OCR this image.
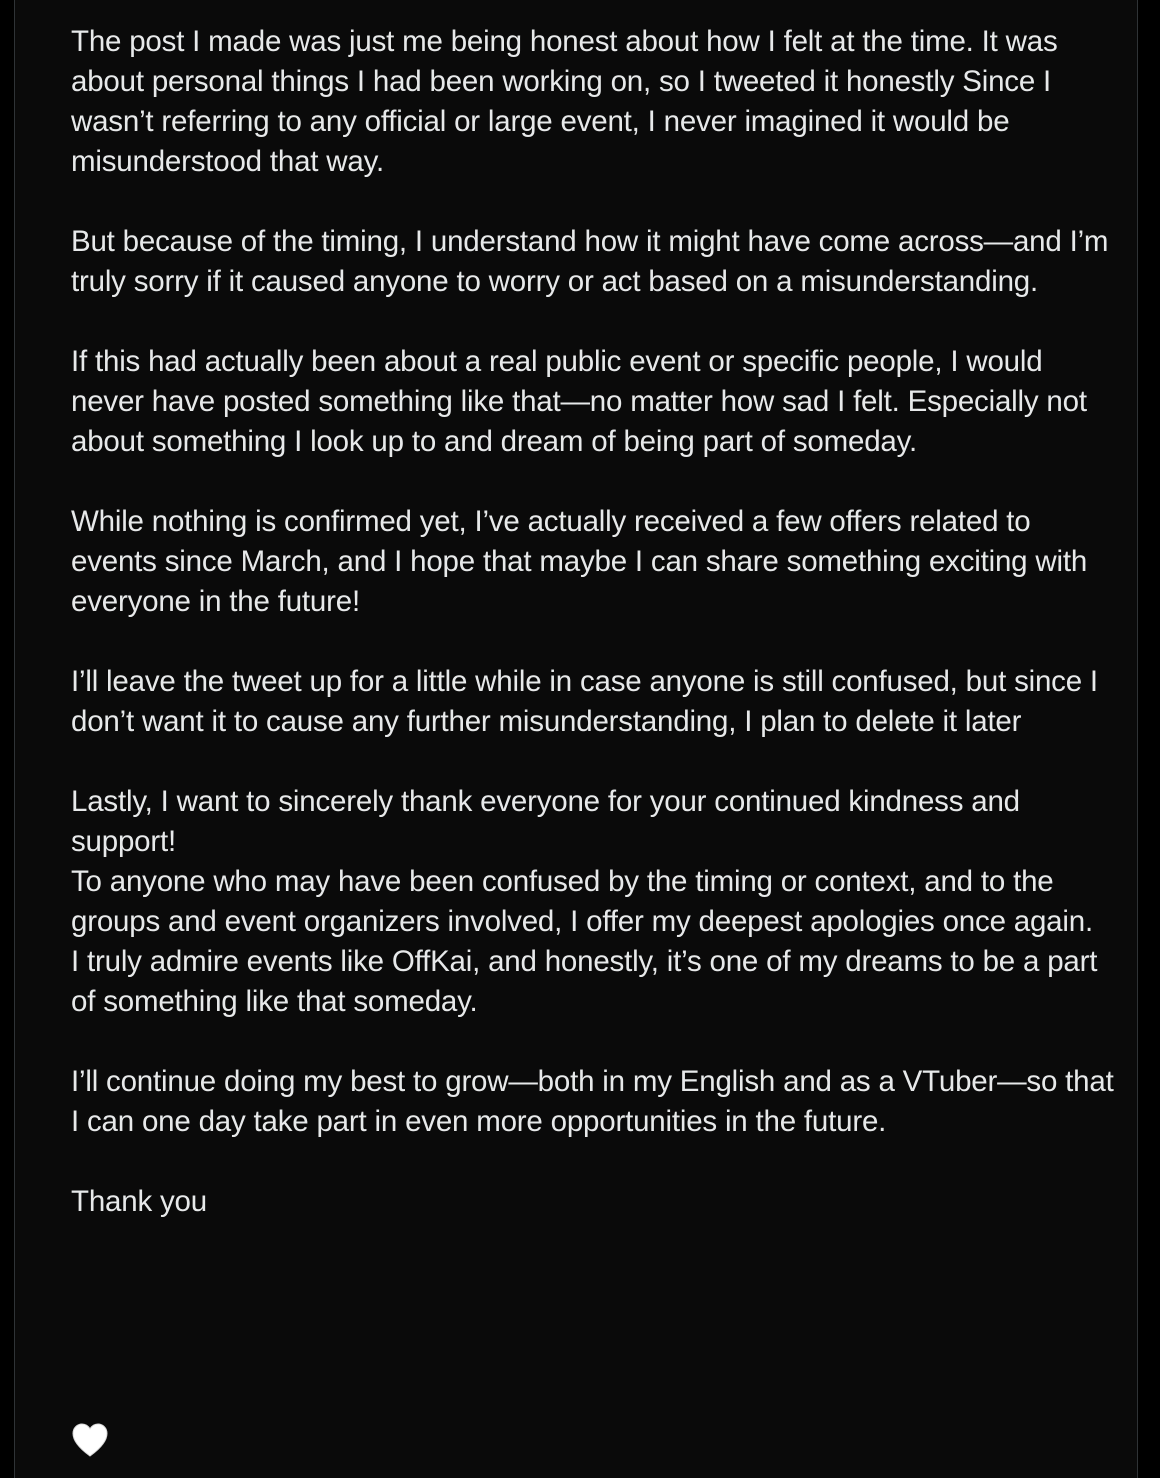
The post I made was just me being honest about how I felt at the time. It was about personal things I had been working on, so I tweeted it honestly Since I wasn’t referring to any official or large event, I never imagined it would be misunderstood that way.

But because of the timing, I understand how it might have come across—and I’m truly sorry if it caused anyone to worry or act based on a misunderstanding.

If this had actually been about a real public event or specific people, I would never have posted something like that—no matter how sad I felt. Especially not about something I look up to and dream of being part of someday.

While nothing is confirmed yet, I’ve actually received a few offers related to events since March, and I hope that maybe I can share something exciting with everyone in the future!

I’ll leave the tweet up for a little while in case anyone is still confused, but since I don’t want it to cause any further misunderstanding, I plan to delete it later

Lastly, I want to sincerely thank everyone for your continued kindness and support!

To anyone who may have been confused by the timing or context, and to the groups and event organizers involved, I offer my deepest apologies once again.

I truly admire events like OffKai, and honestly, it’s one of my dreams to be a part of something like that someday.

I’ll continue doing my best to grow—both in my English and as a VTuber—so that I can one day take part in even more opportunities in the future.

Thank you
